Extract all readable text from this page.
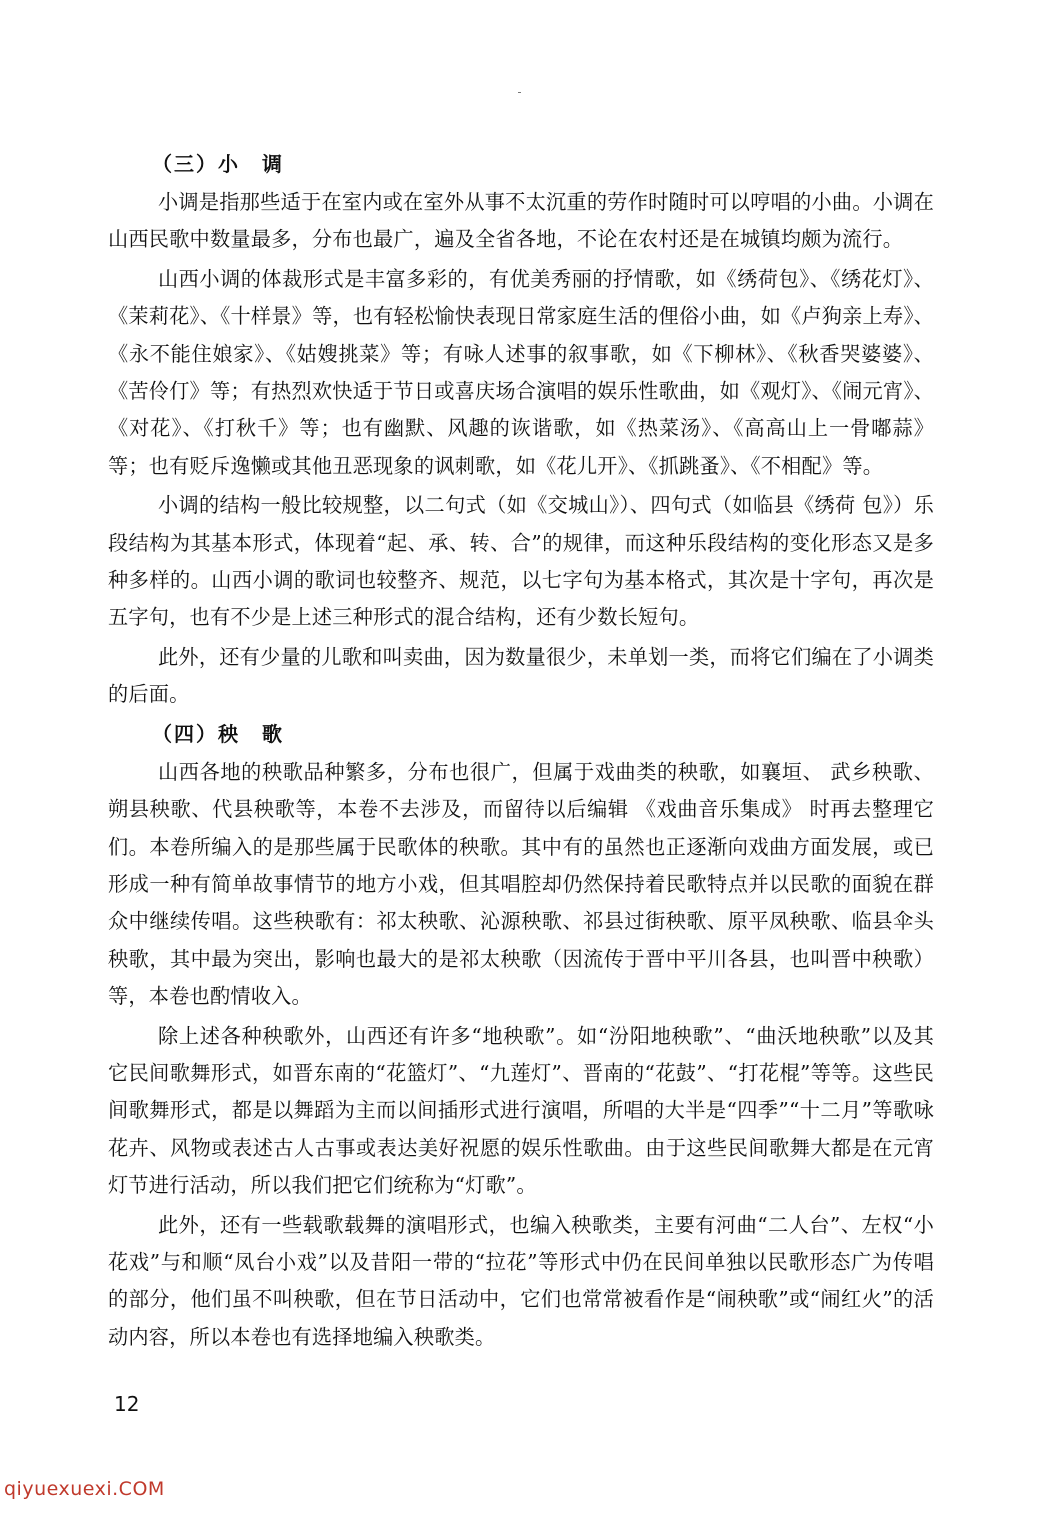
（三）小　调

小调是指那些适于在室内或在室外从事不太沉重的劳作时随时可以哼唱的小曲。小调在山西民歌中数量最多，分布也最广，遍及全省各地，不论在农村还是在城镇均颇为流行。

山西小调的体裁形式是丰富多彩的，有优美秀丽的抒情歌，如《绣荷包》、《绣花灯》、《茉莉花》、《十样景》等，也有轻松愉快表现日常家庭生活的俚俗小曲，如《卢狗亲上寿》、《永不能住娘家》、《姑嫂挑菜》等；有咏人述事的叙事歌，如《下柳林》、《秋香哭婆婆》、《苦伶仃》等；有热烈欢快适于节日或喜庆场合演唱的娱乐性歌曲，如《观灯》、《闹元宵》、《对花》、《打秋千》等；也有幽默、风趣的诙谐歌，如《热菜汤》、《高高山上一骨嘟蒜》等；也有贬斥逸懒或其他丑恶现象的讽刺歌，如《花儿开》、《抓跳蚤》、《不相配》等。

小调的结构一般比较规整，以二句式（如《交城山》）、四句式（如临县《绣荷 包》）乐段结构为其基本形式，体现着“起、承、转、合”的规律，而这种乐段结构的变化形态又是多种多样的。山西小调的歌词也较整齐、规范，以七字句为基本格式，其次是十字句，再次是五字句，也有不少是上述三种形式的混合结构，还有少数长短句。

此外，还有少量的儿歌和叫卖曲，因为数量很少，未单划一类，而将它们编在了小调类的后面。

（四）秧　歌

山西各地的秧歌品种繁多，分布也很广，但属于戏曲类的秧歌，如襄垣、 武乡秧歌、朔县秧歌、代县秧歌等，本卷不去涉及，而留待以后编辑 《戏曲音乐集成》 时再去整理它们。本卷所编入的是那些属于民歌体的秧歌。其中有的虽然也正逐渐向戏曲方面发展，或已形成一种有简单故事情节的地方小戏，但其唱腔却仍然保持着民歌特点并以民歌的面貌在群众中继续传唱。这些秧歌有：祁太秧歌、沁源秧歌、祁县过街秧歌、原平凤秧歌、临县伞头秧歌，其中最为突出，影响也最大的是祁太秧歌（因流传于晋中平川各县，也叫晋中秧歌）等，本卷也酌情收入。

除上述各种秧歌外，山西还有许多“地秧歌”。如“汾阳地秧歌”、“曲沃地秧歌”以及其它民间歌舞形式，如晋东南的“花篮灯”、“九莲灯”、晋南的“花鼓”、“打花棍”等等。这些民间歌舞形式，都是以舞蹈为主而以间插形式进行演唱，所唱的大半是“四季”“十二月”等歌咏花卉、风物或表述古人古事或表达美好祝愿的娱乐性歌曲。由于这些民间歌舞大都是在元宵灯节进行活动，所以我们把它们统称为“灯歌”。

此外，还有一些载歌载舞的演唱形式，也编入秧歌类，主要有河曲“二人台”、左权“小花戏”与和顺“凤台小戏”以及昔阳一带的“拉花”等形式中仍在民间单独以民歌形态广为传唱的部分，他们虽不叫秧歌，但在节日活动中，它们也常常被看作是“闹秧歌”或“闹红火”的活动内容，所以本卷也有选择地编入秧歌类。

12
qiyuexuexi.COM
